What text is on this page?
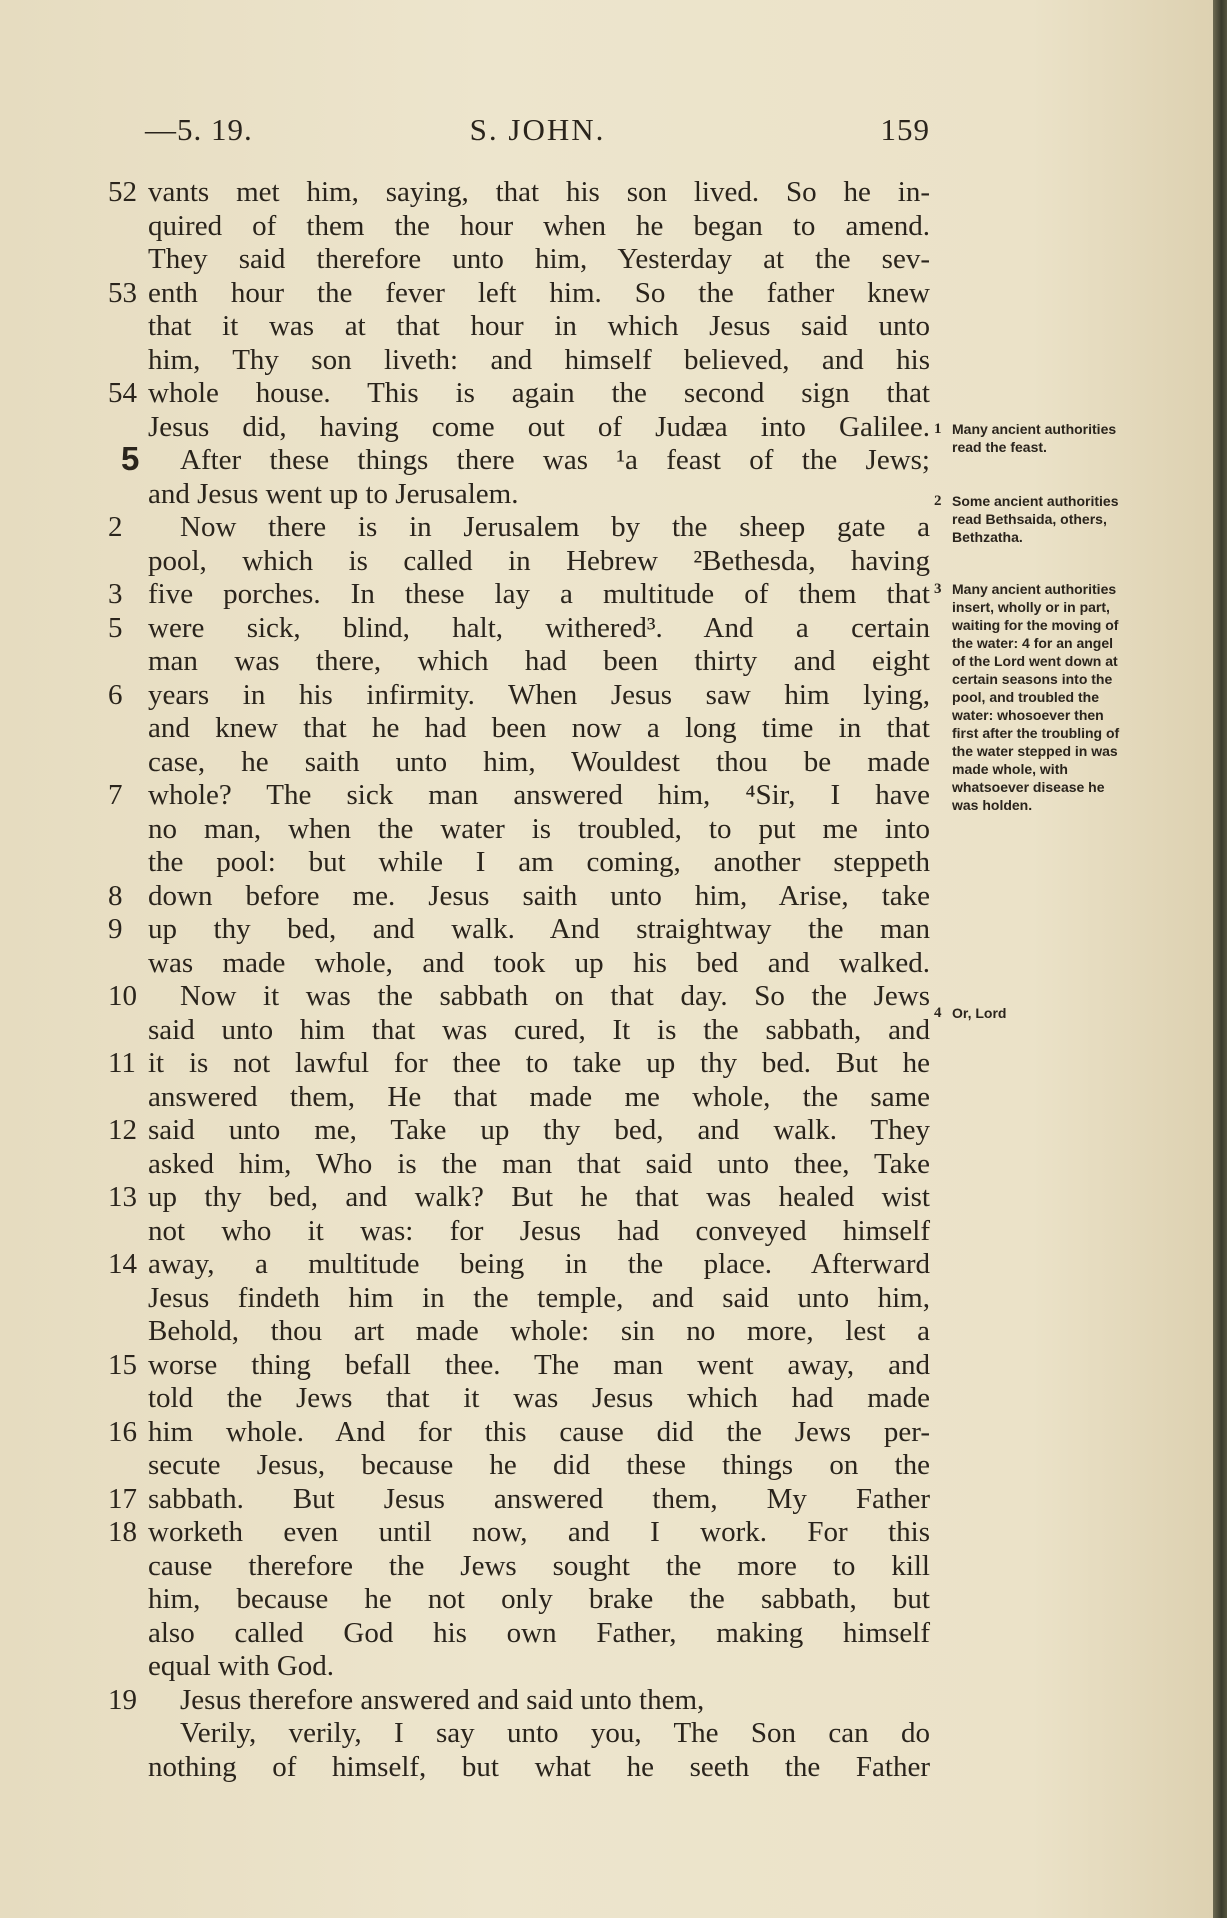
—5. 19.	S. JOHN.	159
52 vants met him, saying, that his son lived. So he in-
quired of them the hour when he began to amend.
They said therefore unto him, Yesterday at the sev-
53 enth hour the fever left him. So the father knew
that it was at that hour in which Jesus said unto
him, Thy son liveth: and himself believed, and his
54 whole house. This is again the second sign that
Jesus did, having come out of Judæa into Galilee.
5	After these things there was ¹a feast of the Jews;
and Jesus went up to Jerusalem.
2	Now there is in Jerusalem by the sheep gate a
pool, which is called in Hebrew ²Bethesda, having
3 five porches. In these lay a multitude of them that
5 were sick, blind, halt, withered³. And a certain
man was there, which had been thirty and eight
6 years in his infirmity. When Jesus saw him lying,
and knew that he had been now a long time in that
case, he saith unto him, Wouldest thou be made
7 whole? The sick man answered him, ⁴Sir, I have
no man, when the water is troubled, to put me into
the pool: but while I am coming, another steppeth
8 down before me. Jesus saith unto him, Arise, take
9 up thy bed, and walk. And straightway the man
was made whole, and took up his bed and walked.
10	Now it was the sabbath on that day. So the Jews
said unto him that was cured, It is the sabbath, and
11 it is not lawful for thee to take up thy bed. But he
answered them, He that made me whole, the same
12 said unto me, Take up thy bed, and walk. They
asked him, Who is the man that said unto thee, Take
13 up thy bed, and walk? But he that was healed wist
not who it was: for Jesus had conveyed himself
14 away, a multitude being in the place. Afterward
Jesus findeth him in the temple, and said unto him,
Behold, thou art made whole: sin no more, lest a
15 worse thing befall thee. The man went away, and
told the Jews that it was Jesus which had made
16 him whole. And for this cause did the Jews per-
secute Jesus, because he did these things on the
17 sabbath. But Jesus answered them, My Father
18 worketh even until now, and I work. For this
cause therefore the Jews sought the more to kill
him, because he not only brake the sabbath, but
also called God his own Father, making himself
equal with God.
19	Jesus therefore answered and said unto them,
Verily, verily, I say unto you, The Son can do
nothing of himself, but what he seeth the Father
1 Many ancient authorities read the feast.
2 Some ancient authorities read Bethsaida, others, Bethzatha.
3 Many ancient authorities insert, wholly or in part, waiting for the moving of the water: 4 for an angel of the Lord went down at certain seasons into the pool, and troubled the water: whosoever then first after the troubling of the water stepped in was made whole, with whatsoever disease he was holden.
4 Or, Lord
